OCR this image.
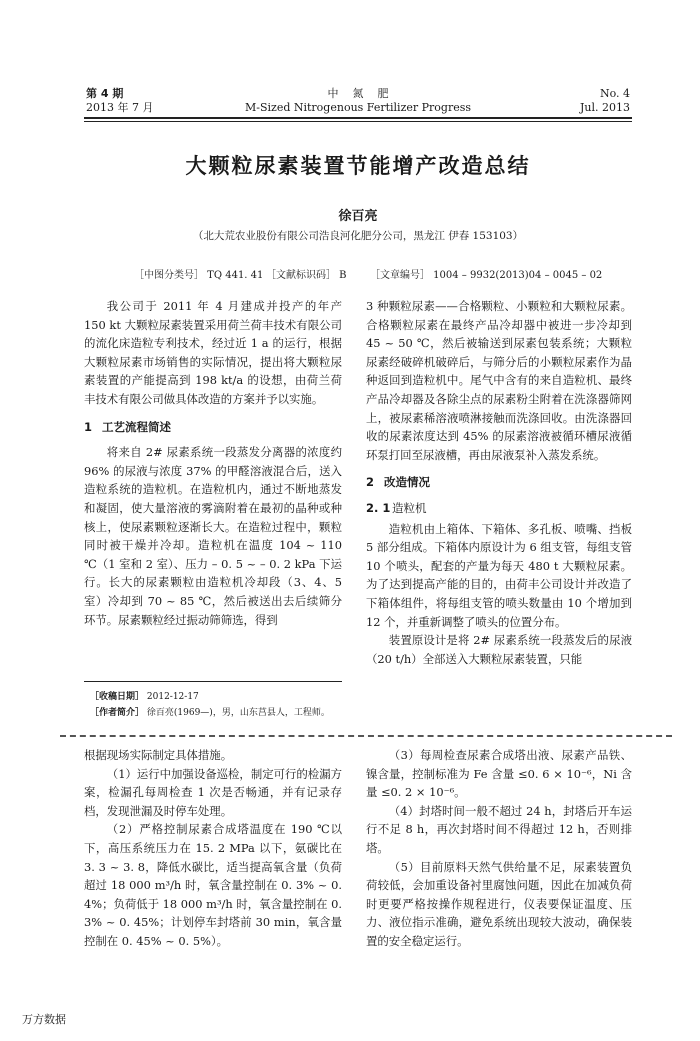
第 4 期
2013 年 7 月
中    氮    肥
M-Sized Nitrogenous Fertilizer Progress
No. 4
Jul. 2013
大颗粒尿素装置节能增产改造总结
徐百亮
（北大荒农业股份有限公司浩良河化肥分公司，黑龙江 伊春 153103）
［中图分类号］ TQ 441. 41 ［文献标识码］ B ［文章编号］ 1004 – 9932(2013)04 – 0045 – 02

我公司于 2011 年 4 月建成并投产的年产 150 kt 大颗粒尿素装置采用荷兰荷丰技术有限公司的流化床造粒专利技术，经过近 1 a 的运行，根据大颗粒尿素市场销售的实际情况，提出将大颗粒尿素装置的产能提高到 198 kt/a 的设想，由荷兰荷丰技术有限公司做具体改造的方案并予以实施。

1 工艺流程简述

将来自 2# 尿素系统一段蒸发分离器的浓度约 96% 的尿液与浓度 37% 的甲醛溶液混合后，送入造粒系统的造粒机。在造粒机内，通过不断地蒸发和凝固，使大量溶液的雾滴附着在最初的晶种或种核上，使尿素颗粒逐渐长大。在造粒过程中，颗粒同时被干燥并冷却。造粒机在温度 104 ~ 110 ℃（1 室和 2 室）、压力 – 0. 5 ~ – 0. 2 kPa 下运行。长大的尿素颗粒由造粒机冷却段（3、4、5 室）冷却到 70 ~ 85 ℃，然后被送出去后续筛分环节。尿素颗粒经过振动筛筛选，得到

3 种颗粒尿素——合格颗粒、小颗粒和大颗粒尿素。合格颗粒尿素在最终产品冷却器中被进一步冷却到 45 ~ 50 ℃，然后被输送到尿素包装系统；大颗粒尿素经破碎机破碎后，与筛分后的小颗粒尿素作为晶种返回到造粒机中。尾气中含有的来自造粒机、最终产品冷却器及各除尘点的尿素粉尘附着在洗涤器筛网上，被尿素稀溶液喷淋接触而洗涤回收。由洗涤器回收的尿素浓度达到 45% 的尿素溶液被循环槽尿液循环泵打回至尿液槽，再由尿液泵补入蒸发系统。

2 改造情况
2. 1 造粒机

造粒机由上箱体、下箱体、多孔板、喷嘴、挡板 5 部分组成。下箱体内原设计为 6 组支管，每组支管 10 个喷头，配套的产量为每天 480 t 大颗粒尿素。为了达到提高产能的目的，由荷丰公司设计并改造了下箱体组件，将每组支管的喷头数量由 10 个增加到 12 个，并重新调整了喷头的位置分布。

装置原设计是将 2# 尿素系统一段蒸发后的尿液（20 t/h）全部送入大颗粒尿素装置，只能

［收稿日期］ 2012-12-17
［作者简介］ 徐百亮(1969—)，男，山东莒县人，工程师。

根据现场实际制定具体措施。

（1）运行中加强设备巡检，制定可行的检漏方案，检漏孔每周检查 1 次是否畅通，并有记录存档，发现泄漏及时停车处理。

（2）严格控制尿素合成塔温度在 190 ℃以下，高压系统压力在 15. 2 MPa 以下，氨碳比在 3. 3 ~ 3. 8，降低水碳比，适当提高氧含量（负荷超过 18 000 m³/h 时，氧含量控制在 0. 3% ~ 0. 4%；负荷低于 18 000 m³/h 时，氧含量控制在 0. 3% ~ 0. 45%；计划停车封塔前 30 min，氧含量控制在 0. 45% ~ 0. 5%）。

（3）每周检查尿素合成塔出液、尿素产品铁、镍含量，控制标准为 Fe 含量 ≤0. 6 × 10⁻⁶，Ni 含量 ≤0. 2 × 10⁻⁶。

（4）封塔时间一般不超过 24 h，封塔后开车运行不足 8 h，再次封塔时间不得超过 12 h，否则排塔。

（5）目前原料天然气供给量不足，尿素装置负荷较低，会加重设备衬里腐蚀问题，因此在加减负荷时更要严格按操作规程进行，仪表要保证温度、压力、液位指示准确，避免系统出现较大波动，确保装置的安全稳定运行。

万方数据
